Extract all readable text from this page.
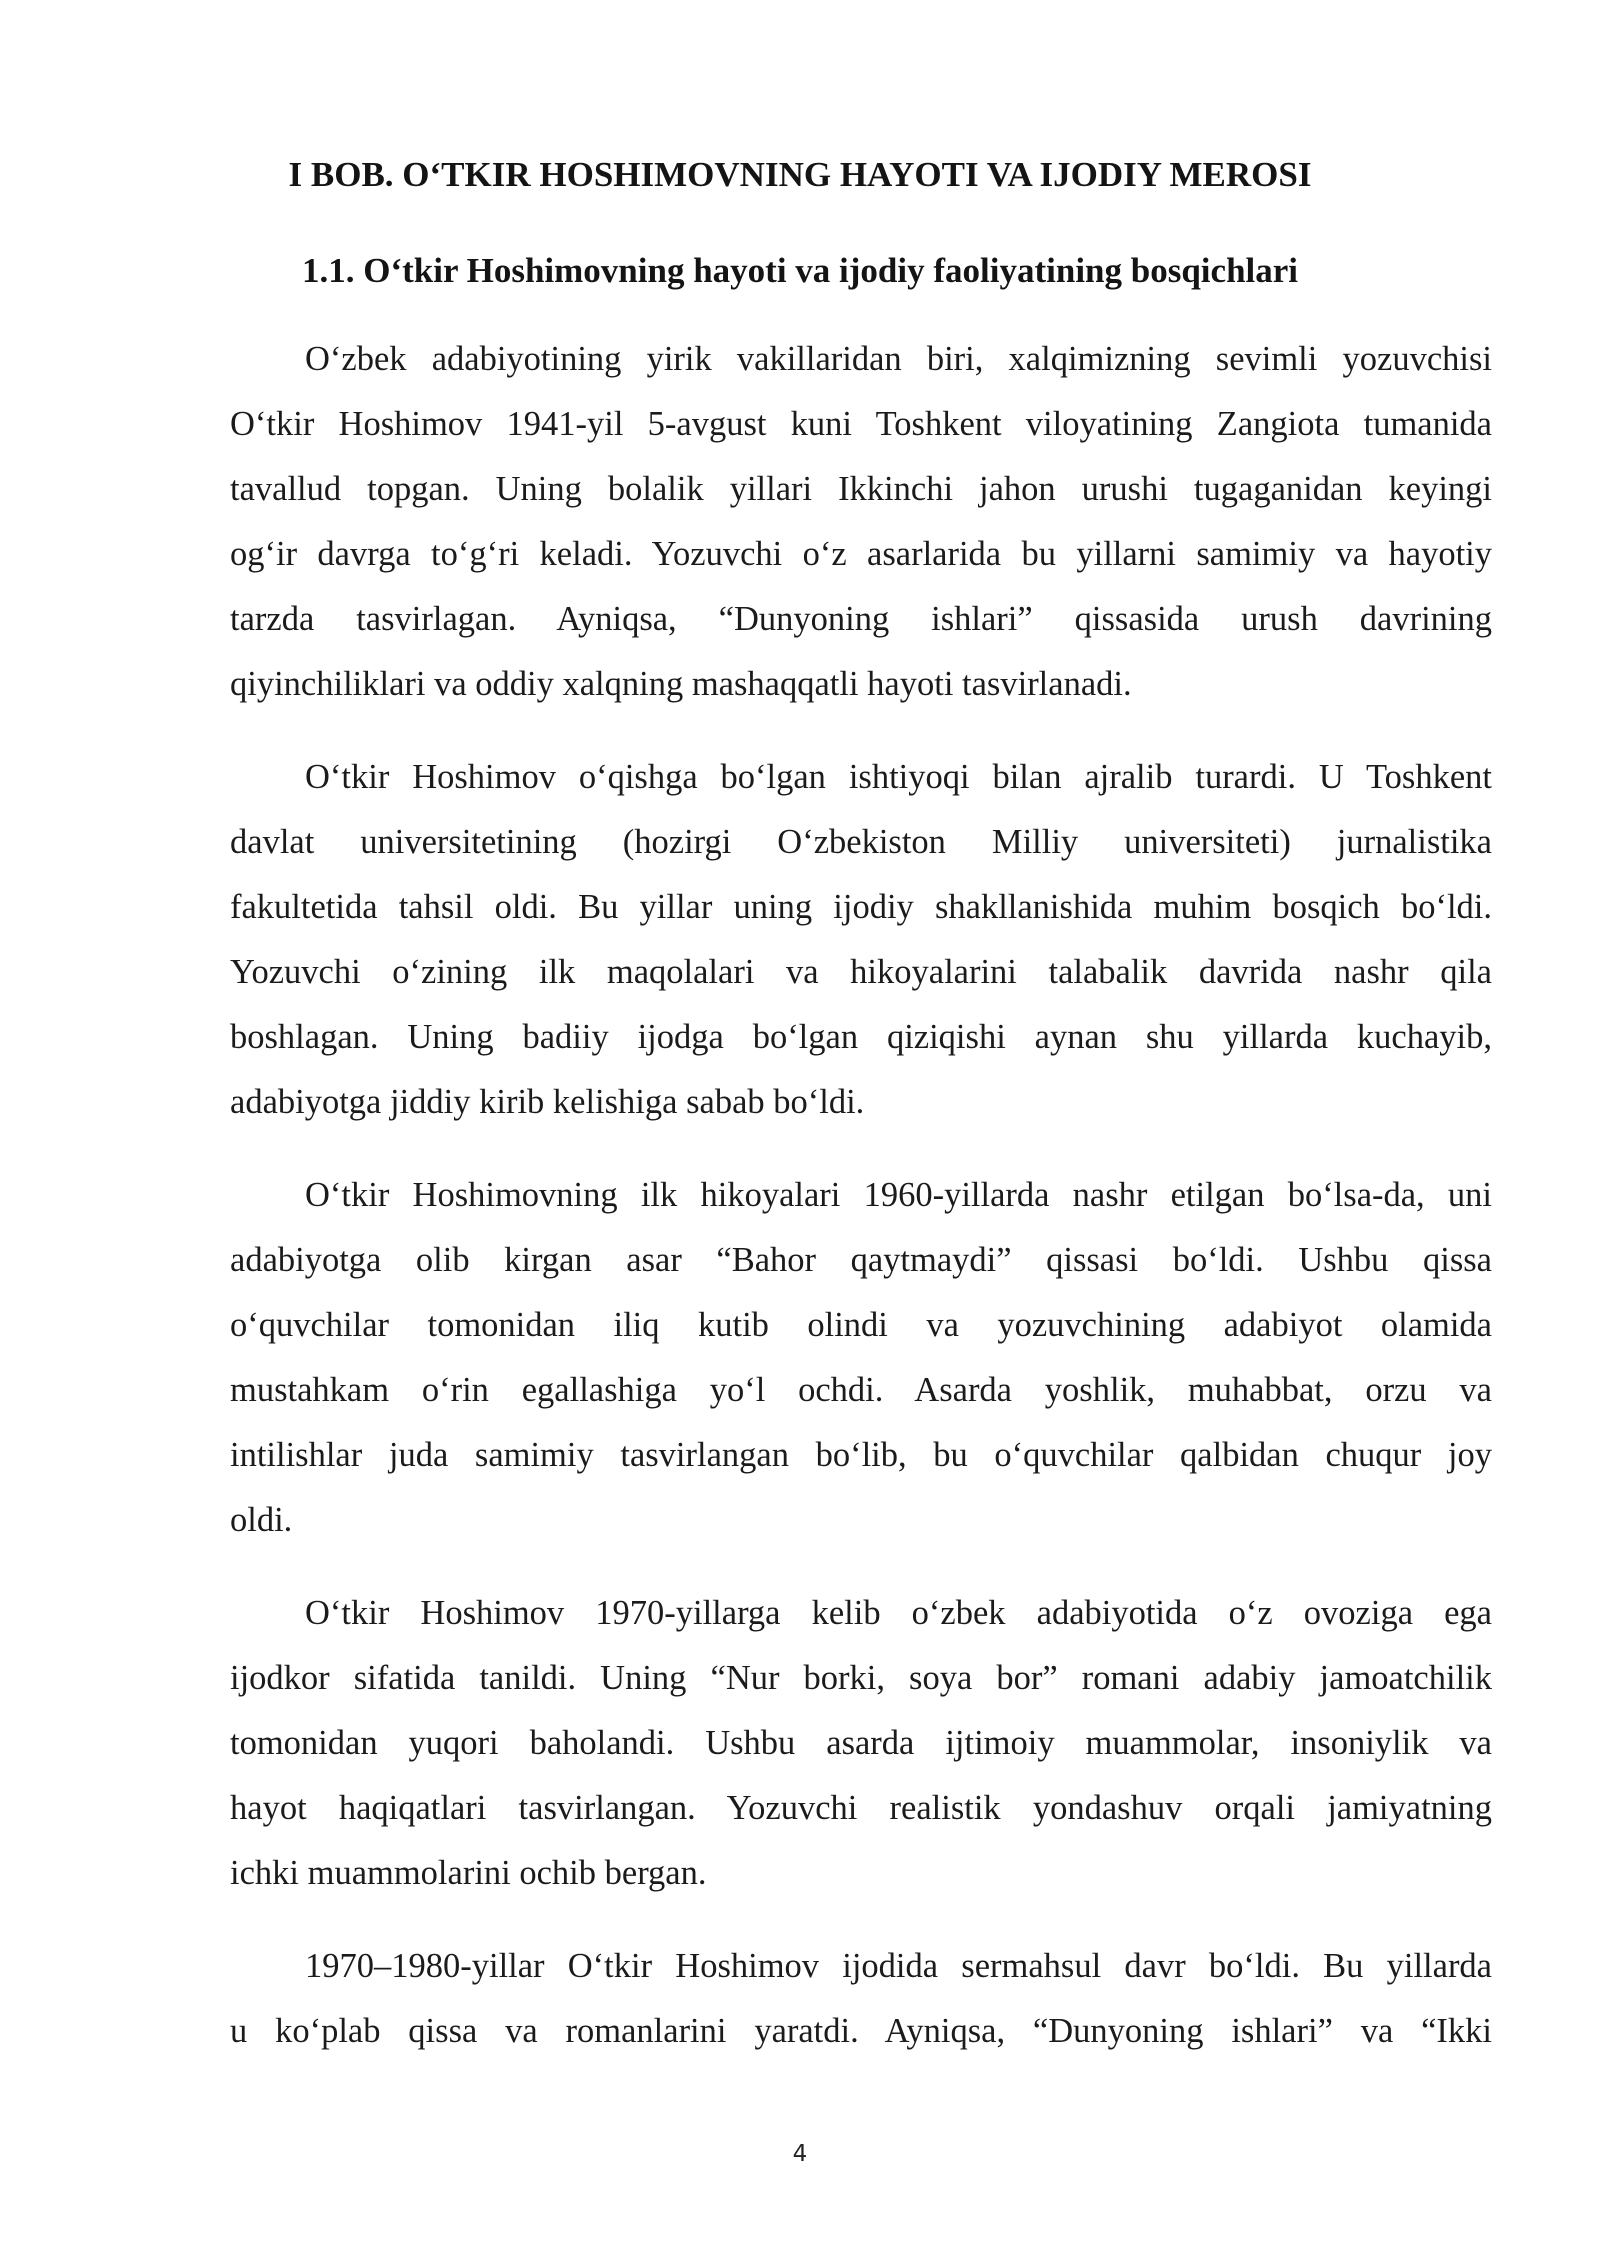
I BOB. O‘TKIR HOSHIMOVNING HAYOTI VA IJODIY MEROSI
1.1. O‘tkir Hoshimovning hayoti va ijodiy faoliyatining bosqichlari
O‘zbek adabiyotining yirik vakillaridan biri, xalqimizning sevimli yozuvchisi
O‘tkir Hoshimov 1941-yil 5-avgust kuni Toshkent viloyatining Zangiota tumanida
tavallud topgan. Uning bolalik yillari Ikkinchi jahon urushi tugaganidan keyingi
og‘ir davrga to‘g‘ri keladi. Yozuvchi o‘z asarlarida bu yillarni samimiy va hayotiy
tarzda tasvirlagan. Ayniqsa, “Dunyoning ishlari” qissasida urush davrining
qiyinchiliklari va oddiy xalqning mashaqqatli hayoti tasvirlanadi.
O‘tkir Hoshimov o‘qishga bo‘lgan ishtiyoqi bilan ajralib turardi. U Toshkent
davlat universitetining (hozirgi O‘zbekiston Milliy universiteti) jurnalistika
fakultetida tahsil oldi. Bu yillar uning ijodiy shakllanishida muhim bosqich bo‘ldi.
Yozuvchi o‘zining ilk maqolalari va hikoyalarini talabalik davrida nashr qila
boshlagan. Uning badiiy ijodga bo‘lgan qiziqishi aynan shu yillarda kuchayib,
adabiyotga jiddiy kirib kelishiga sabab bo‘ldi.
O‘tkir Hoshimovning ilk hikoyalari 1960-yillarda nashr etilgan bo‘lsa-da, uni
adabiyotga olib kirgan asar “Bahor qaytmaydi” qissasi bo‘ldi. Ushbu qissa
o‘quvchilar tomonidan iliq kutib olindi va yozuvchining adabiyot olamida
mustahkam o‘rin egallashiga yo‘l ochdi. Asarda yoshlik, muhabbat, orzu va
intilishlar juda samimiy tasvirlangan bo‘lib, bu o‘quvchilar qalbidan chuqur joy
oldi.
O‘tkir Hoshimov 1970-yillarga kelib o‘zbek adabiyotida o‘z ovoziga ega
ijodkor sifatida tanildi. Uning “Nur borki, soya bor” romani adabiy jamoatchilik
tomonidan yuqori baholandi. Ushbu asarda ijtimoiy muammolar, insoniylik va
hayot haqiqatlari tasvirlangan. Yozuvchi realistik yondashuv orqali jamiyatning
ichki muammolarini ochib bergan.
1970–1980-yillar O‘tkir Hoshimov ijodida sermahsul davr bo‘ldi. Bu yillarda
u ko‘plab qissa va romanlarini yaratdi. Ayniqsa, “Dunyoning ishlari” va “Ikki
4
